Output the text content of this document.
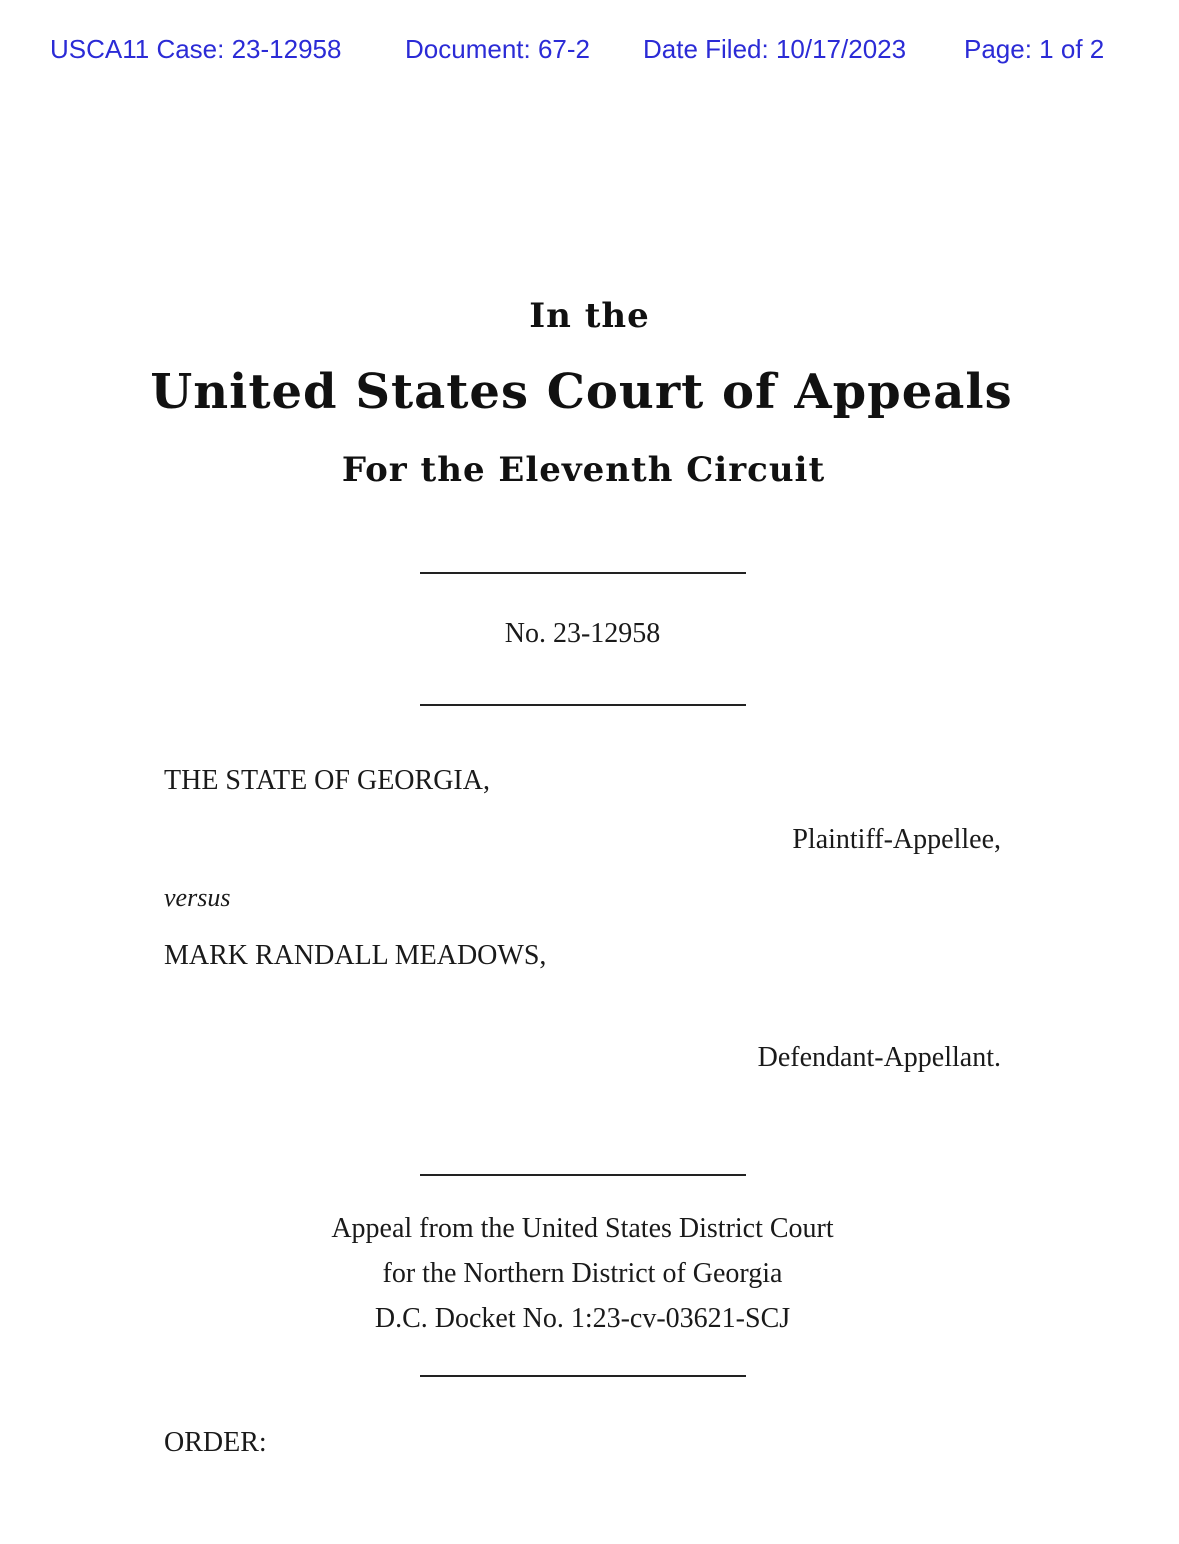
USCA11 Case: 23-12958 Document: 67-2 Date Filed: 10/17/2023 Page: 1 of 2
In the
United States Court of Appeals
For the Eleventh Circuit
No. 23-12958
THE STATE OF GEORGIA,
Plaintiff-Appellee,
versus
MARK RANDALL MEADOWS,
Defendant-Appellant.
Appeal from the United States District Court
for the Northern District of Georgia
D.C. Docket No. 1:23-cv-03621-SCJ
ORDER:
